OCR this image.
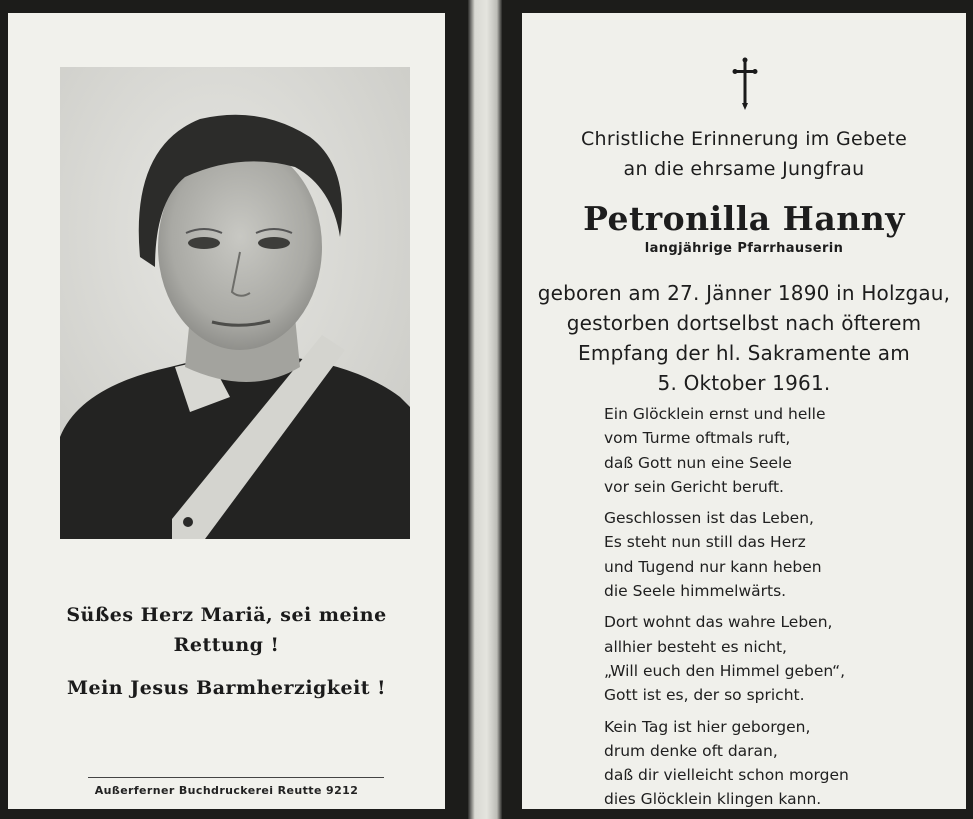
Süßes Herz Mariä, sei meine
Rettung !
Mein Jesus Barmherzigkeit !
Außerferner Buchdruckerei Reutte 9212
Christliche Erinnerung im Gebete
an die ehrsame Jungfrau
Petronilla Hanny
langjährige Pfarrhauserin
geboren am 27. Jänner 1890 in Holzgau,
gestorben dortselbst nach öfterem
Empfang der hl. Sakramente am
5. Oktober 1961.
Ein Glöcklein ernst und helle
vom Turme oftmals ruft,
daß Gott nun eine Seele
vor sein Gericht beruft.
Geschlossen ist das Leben,
Es steht nun still das Herz
und Tugend nur kann heben
die Seele himmelwärts.
Dort wohnt das wahre Leben,
allhier besteht es nicht,
„Will euch den Himmel geben“,
Gott ist es, der so spricht.
Kein Tag ist hier geborgen,
drum denke oft daran,
daß dir vielleicht schon morgen
dies Glöcklein klingen kann.
